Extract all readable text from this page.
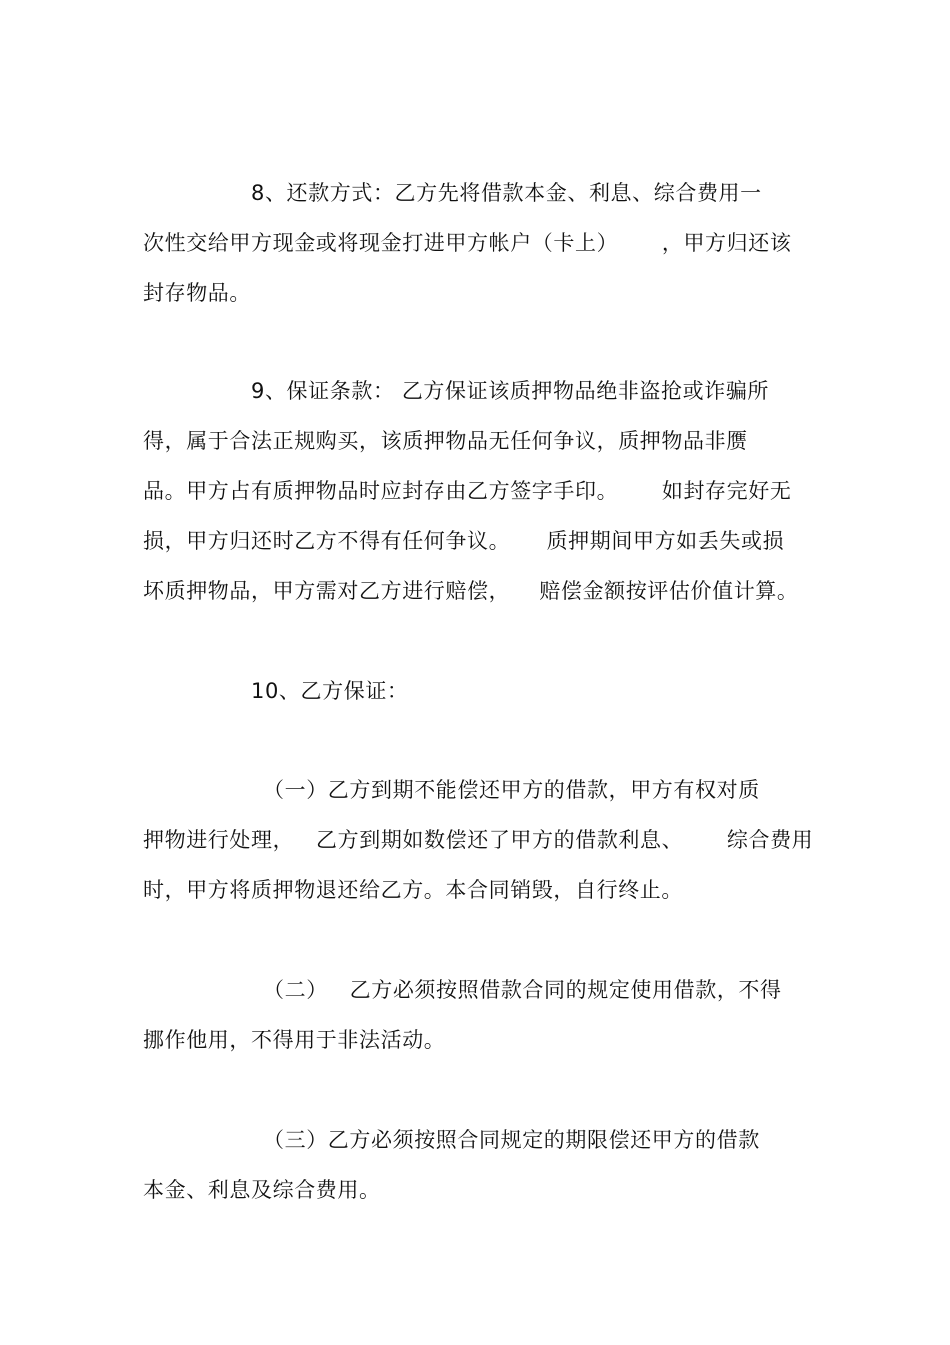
8、还款方式：乙方先将借款本金、利息、综合费用一
次性交给甲方现金或将现金打进甲方帐户（卡上）      ，甲方归还该
封存物品。
9、保证条款： 乙方保证该质押物品绝非盗抢或诈骗所
得，属于合法正规购买，该质押物品无任何争议，质押物品非赝
品。甲方占有质押物品时应封存由乙方签字手印。      如封存完好无
损，甲方归还时乙方不得有任何争议。     质押期间甲方如丢失或损
坏质押物品，甲方需对乙方进行赔偿，    赔偿金额按评估价值计算。
10、乙方保证：
（一）乙方到期不能偿还甲方的借款，甲方有权对质
押物进行处理，   乙方到期如数偿还了甲方的借款利息、      综合费用
时，甲方将质押物退还给乙方。本合同销毁，自行终止。
（二）   乙方必须按照借款合同的规定使用借款，不得
挪作他用，不得用于非法活动。
（三）乙方必须按照合同规定的期限偿还甲方的借款
本金、利息及综合费用。
